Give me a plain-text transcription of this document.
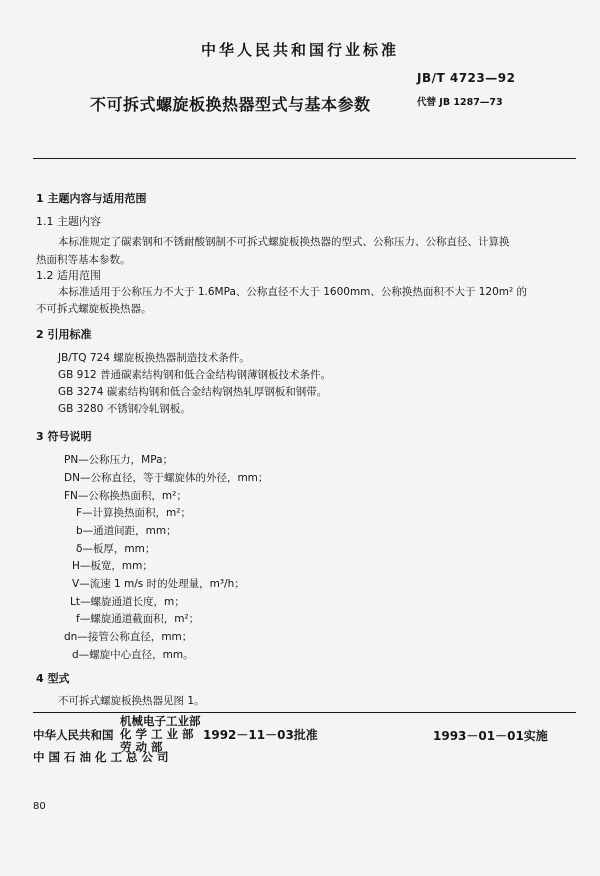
中华人民共和国行业标准
不可拆式螺旋板换热器型式与基本参数
JB/T 4723—92
代替 JB 1287—73
1 主题内容与适用范围
1.1 主题内容
本标准规定了碳素钢和不锈耐酸钢制不可拆式螺旋板换热器的型式、公称压力、公称直径、计算换
热面积等基本参数。
1.2 适用范围
本标准适用于公称压力不大于 1.6MPa、公称直径不大于 1600mm、公称换热面积不大于 120m² 的
不可拆式螺旋板换热器。
2 引用标准
JB/TQ 724 螺旋板换热器制造技术条件。
GB 912 普通碳素结构钢和低合金结构钢薄钢板技术条件。
GB 3274 碳素结构钢和低合金结构钢热轧厚钢板和钢带。
GB 3280 不锈钢冷轧钢板。
3 符号说明
PN—公称压力，MPa；
DN—公称直径，等于螺旋体的外径，mm；
FN—公称换热面积，m²；
F—计算换热面积，m²；
b—通道间距，mm；
δ—板厚，mm；
H—板宽，mm；
V—流速 1 m/s 时的处理量，m³/h；
Lt—螺旋通道长度，m；
f—螺旋通道截面积，m²；
dn—接管公称直径，mm；
d—螺旋中心直径，mm。
4 型式
不可拆式螺旋板换热器见图 1。
中华人民共和国
机械电子工业部
化 学 工 业 部
劳 动 部
1992－11－03批准	1993－01－01实施
中 国 石 油 化 工 总 公 司
80
